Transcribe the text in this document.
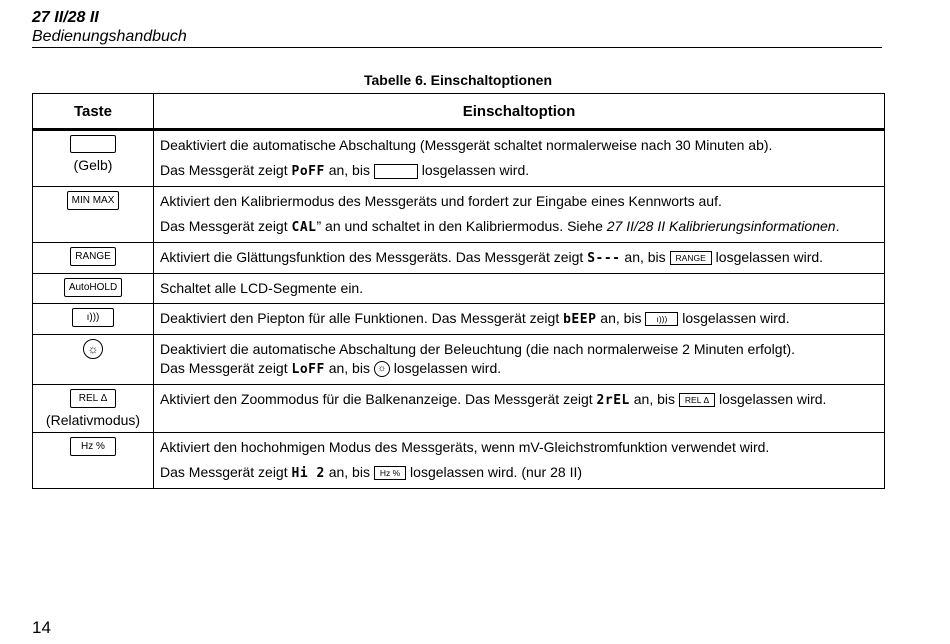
27 II/28 II
Bedienungshandbuch
Tabelle 6. Einschaltoptionen
Taste	Einschaltoption

(Gelb)	Deaktiviert die automatische Abschaltung (Messgerät schaltet normalerweise nach 30 Minuten ab).

Das Messgerät zeigt PoFF an, bis losgelassen wird.

MIN MAX	Aktiviert den Kalibriermodus des Messgeräts und fordert zur Eingabe eines Kennworts auf.

Das Messgerät zeigt CAL” an und schaltet in den Kalibriermodus. Siehe 27 II/28 II Kalibrierungsinformationen.

RANGE	Aktiviert die Glättungsfunktion des Messgeräts. Das Messgerät zeigt S--- an, bis RANGE losgelassen wird.

AutoHOLD	Schaltet alle LCD-Segmente ein.

ı)))	Deaktiviert den Piepton für alle Funktionen. Das Messgerät zeigt bEEP an, bis ı))) losgelassen wird.

☼	Deaktiviert die automatische Abschaltung der Beleuchtung (die nach normalerweise 2 Minuten erfolgt).

Das Messgerät zeigt LoFF an, bis ☼ losgelassen wird.

REL Δ
(Relativmodus)	Aktiviert den Zoommodus für die Balkenanzeige. Das Messgerät zeigt 2rEL an, bis REL Δ losgelassen wird.

Hz %	Aktiviert den hochohmigen Modus des Messgeräts, wenn mV-Gleichstromfunktion verwendet wird.

Das Messgerät zeigt Hi 2 an, bis Hz % losgelassen wird. (nur 28 II)

14
